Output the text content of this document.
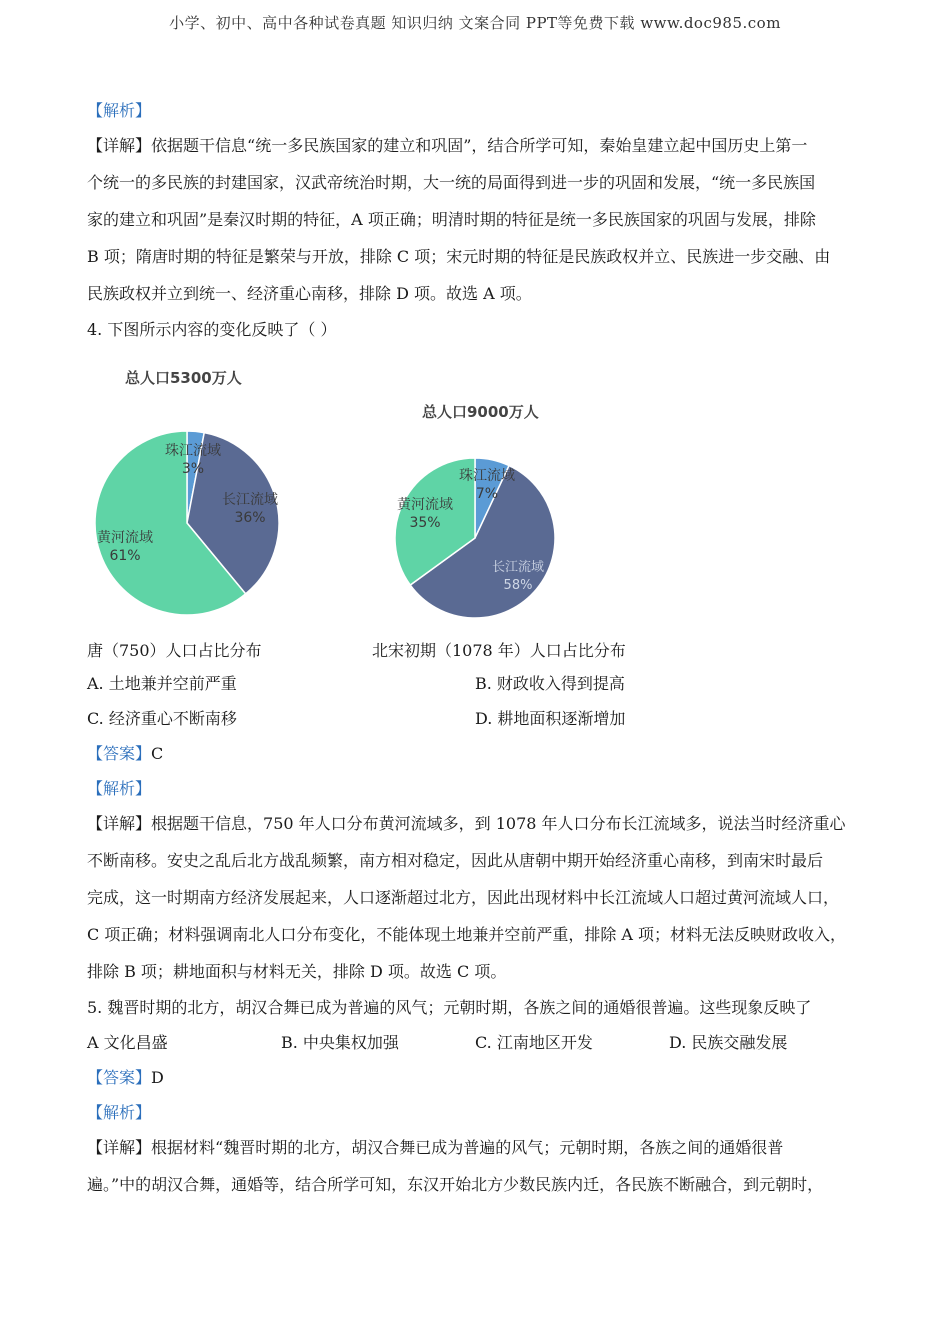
小学、初中、高中各种试卷真题 知识归纳 文案合同 PPT等免费下载 www.doc985.com
【解析】
【详解】依据题干信息“统一多民族国家的建立和巩固”，结合所学可知，秦始皇建立起中国历史上第一
个统一的多民族的封建国家，汉武帝统治时期，大一统的局面得到进一步的巩固和发展，“统一多民族国
家的建立和巩固”是秦汉时期的特征，A 项正确；明清时期的特征是统一多民族国家的巩固与发展，排除
B 项；隋唐时期的特征是繁荣与开放，排除 C 项；宋元时期的特征是民族政权并立、民族进一步交融、由
民族政权并立到统一、经济重心南移，排除 D 项。故选 A 项。
4. 下图所示内容的变化反映了（ ）
总人口5300万人
珠江流域
3%
长江流域
36%
黄河流域
61%
总人口9000万人
珠江流域
7%
长江流域
58%
黄河流域
35%
唐（750）人口占比分布	北宋初期（1078 年）人口占比分布
A. 土地兼并空前严重	B. 财政收入得到提高
C. 经济重心不断南移	D. 耕地面积逐渐增加
【答案】C
【解析】
【详解】根据题干信息，750 年人口分布黄河流域多，到 1078 年人口分布长江流域多，说法当时经济重心
不断南移。安史之乱后北方战乱频繁，南方相对稳定，因此从唐朝中期开始经济重心南移，到南宋时最后
完成，这一时期南方经济发展起来，人口逐渐超过北方，因此出现材料中长江流域人口超过黄河流域人口，
C 项正确；材料强调南北人口分布变化，不能体现土地兼并空前严重，排除 A 项；材料无法反映财政收入，
排除 B 项；耕地面积与材料无关，排除 D 项。故选 C 项。
5. 魏晋时期的北方，胡汉合舞已成为普遍的风气；元朝时期，各族之间的通婚很普遍。这些现象反映了
A 文化昌盛	B. 中央集权加强	C. 江南地区开发	D. 民族交融发展
【答案】D
【解析】
【详解】根据材料“魏晋时期的北方，胡汉合舞已成为普遍的风气；元朝时期，各族之间的通婚很普
遍。”中的胡汉合舞，通婚等，结合所学可知，东汉开始北方少数民族内迁，各民族不断融合，到元朝时，
